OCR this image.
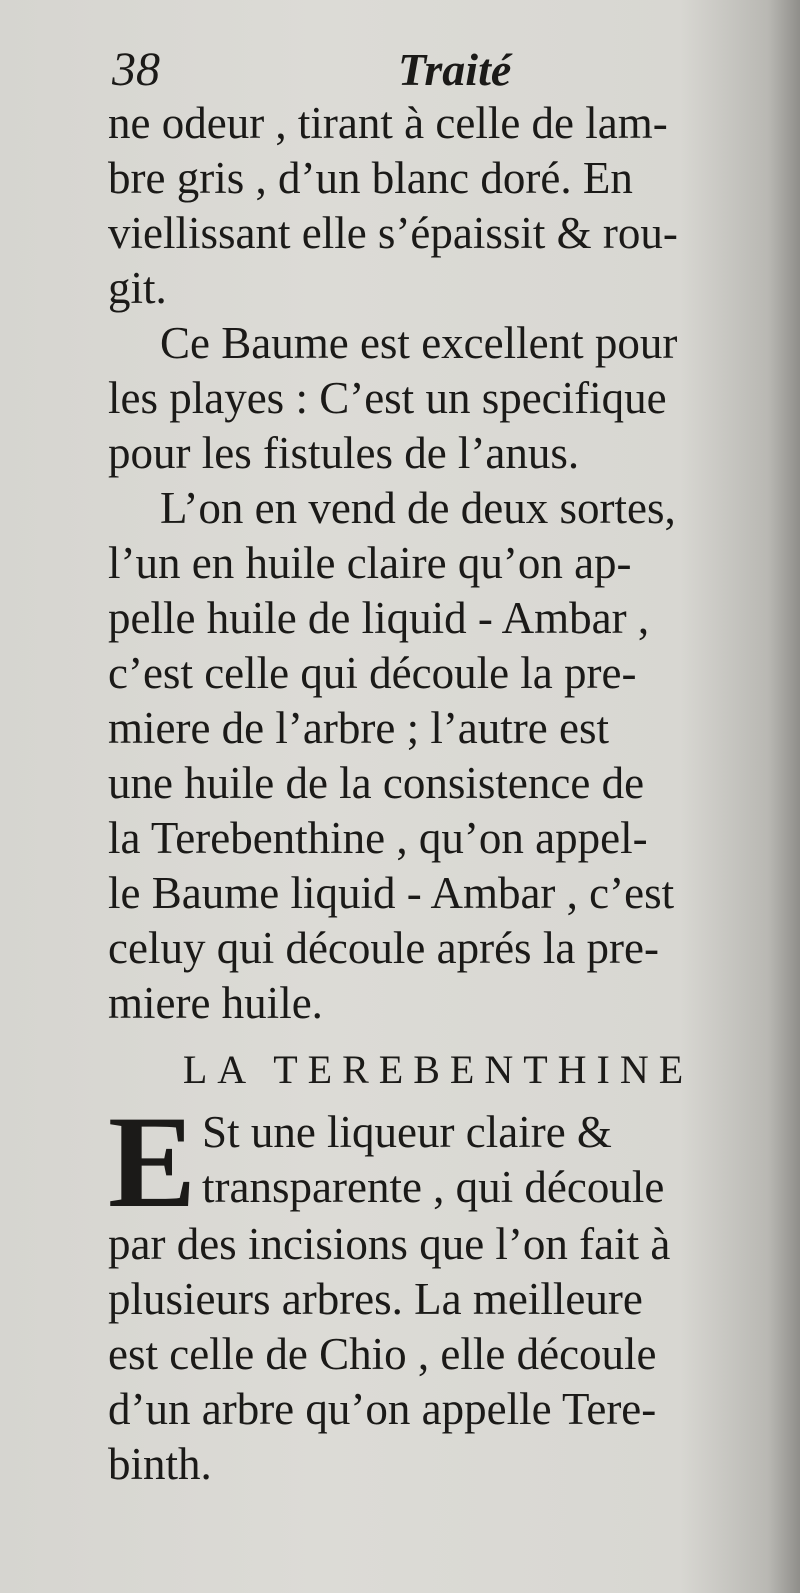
38	Traité

ne odeur , tirant à celle de lam-
bre gris , d’un blanc doré. En
viellissant elle s’épaissit & rou-
git.

Ce Baume est excellent pour
les playes : C’est un specifique
pour les fistules de l’anus.

L’on en vend de deux sortes,
l’un en huile claire qu’on ap-
pelle huile de liquid - Ambar ,
c’est celle qui découle la pre-
miere de l’arbre ; l’autre est
une huile de la consistence de
la Terebenthine , qu’on appel-
le Baume liquid - Ambar , c’est
celuy qui découle aprés la pre-
miere huile.

LA TEREBENTHINE
E St une liqueur claire &
transparente , qui découle
par des incisions que l’on fait à
plusieurs arbres. La meilleure
est celle de Chio , elle découle
d’un arbre qu’on appelle Tere-
binth.
